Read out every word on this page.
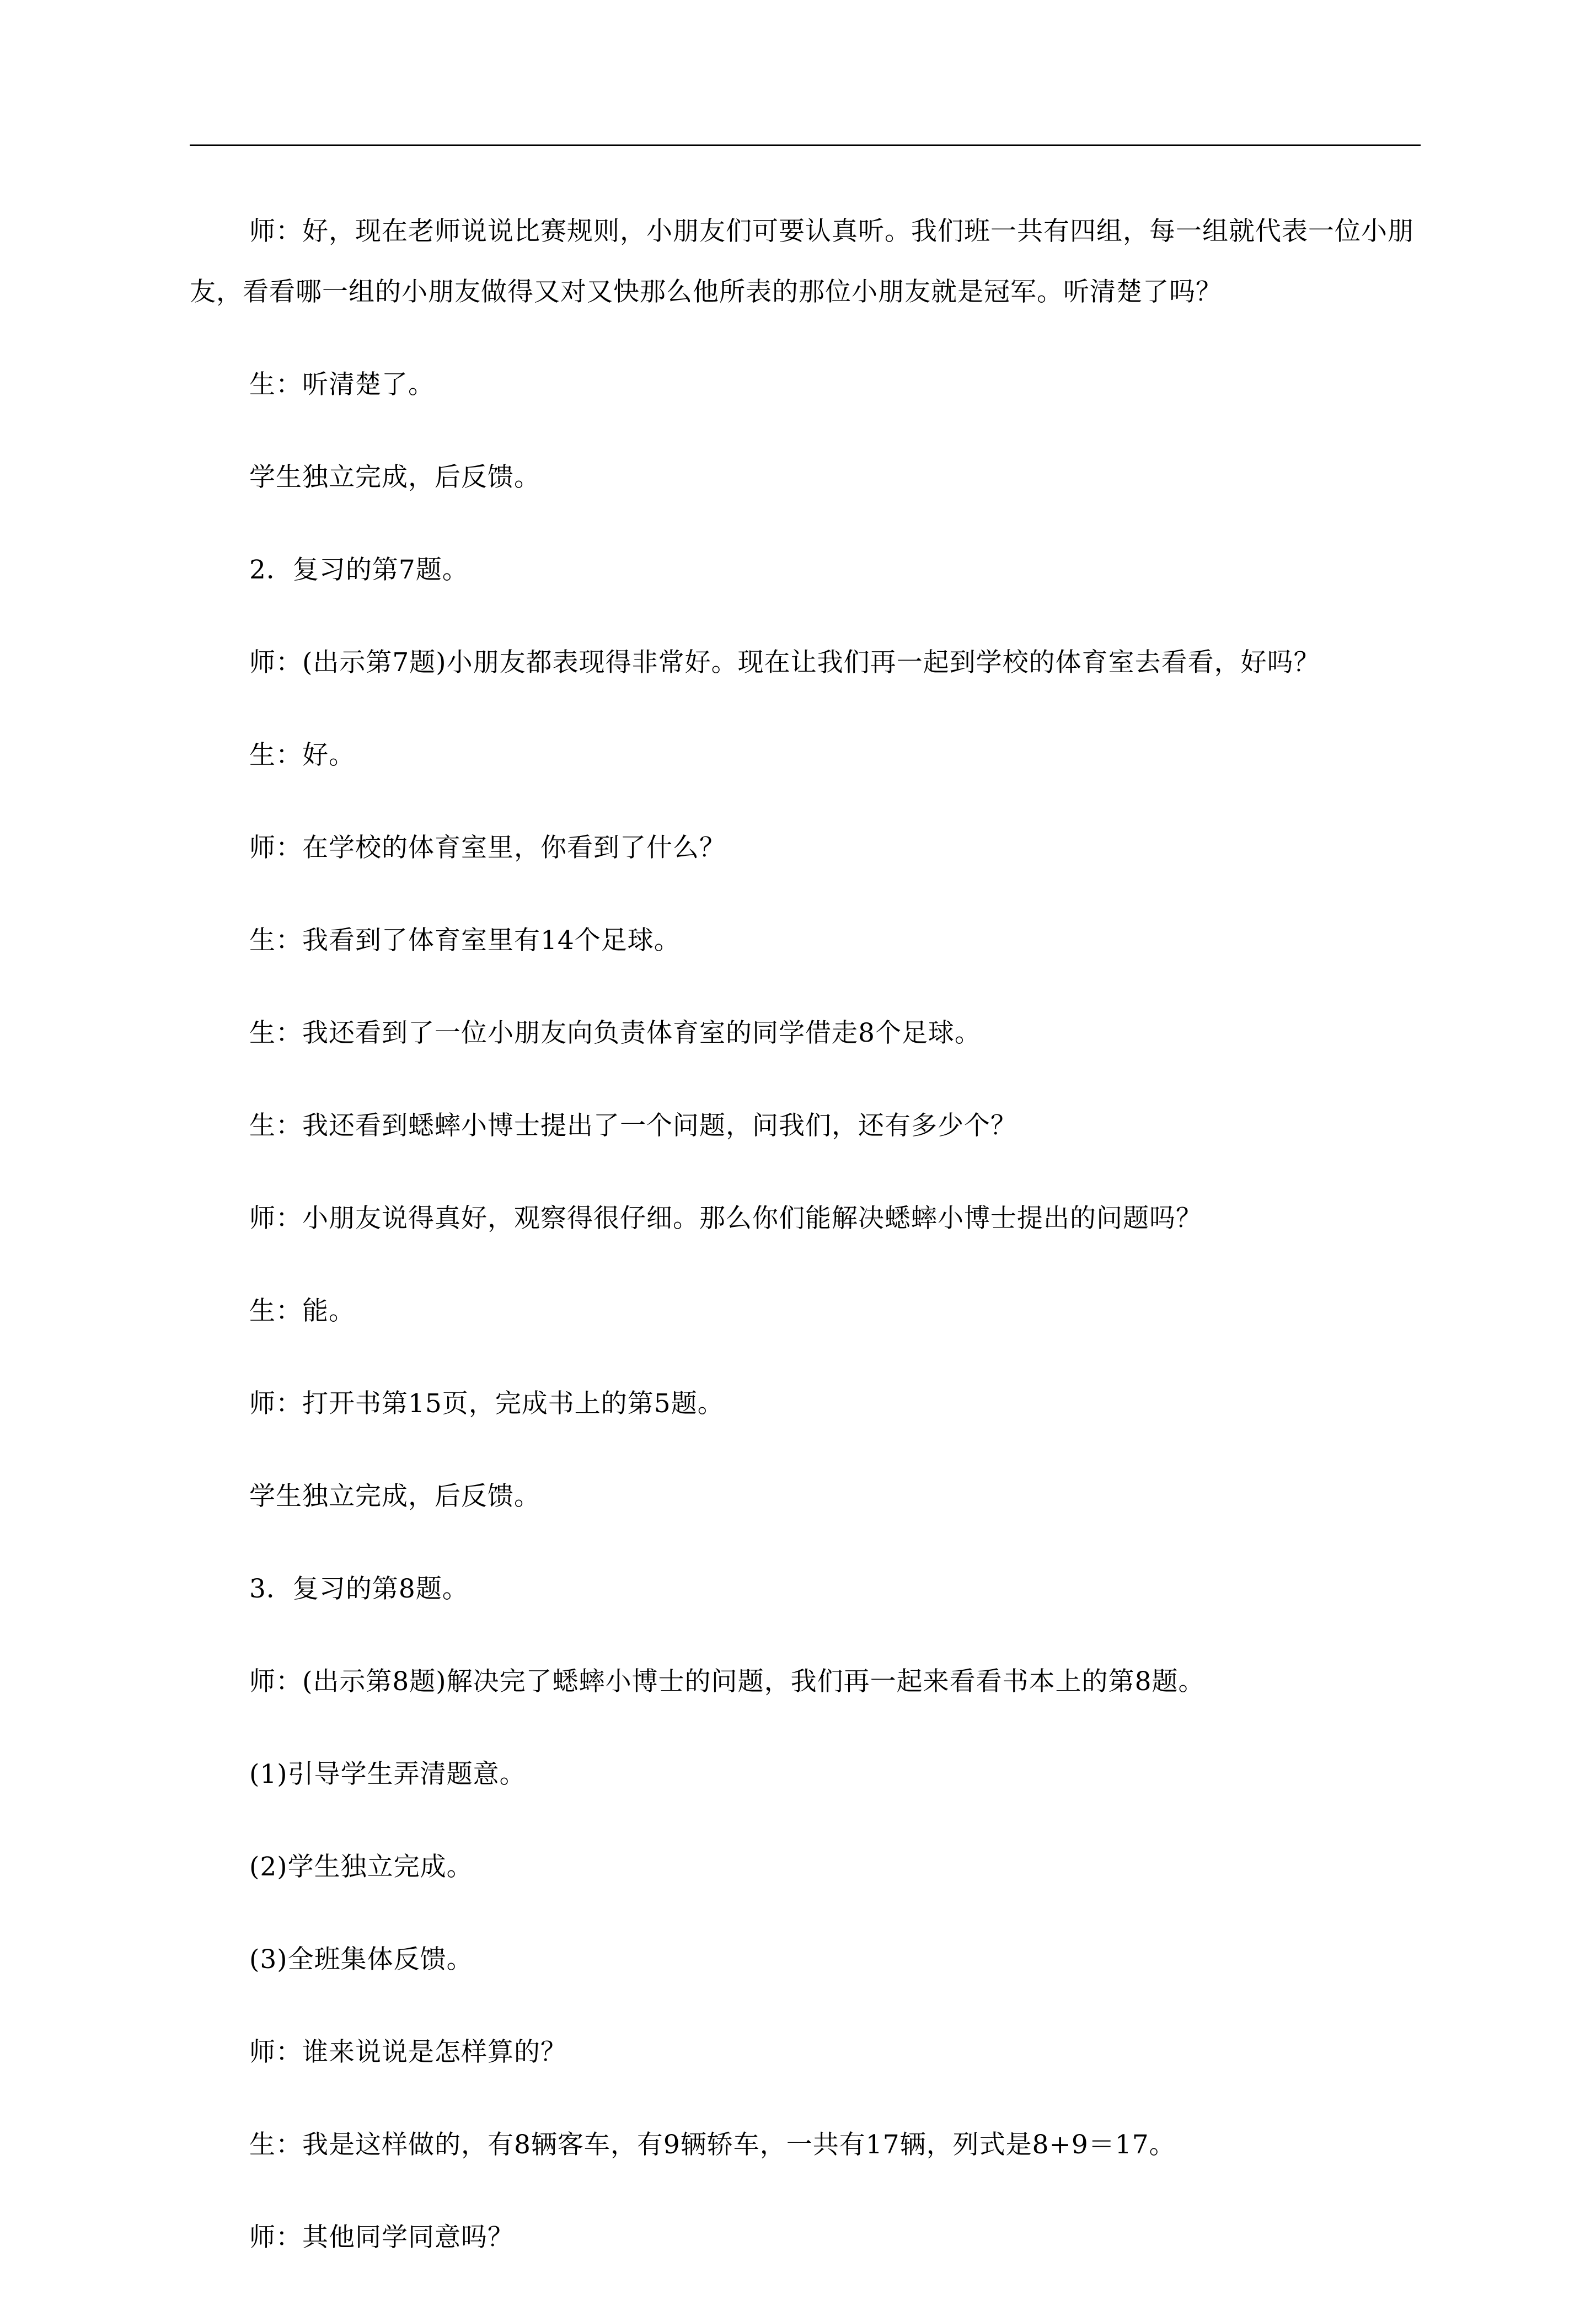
师：好，现在老师说说比赛规则，小朋友们可要认真听。我们班一共有四组，每一组就代表一位小朋友，看看哪一组的小朋友做得又对又快那么他所表的那位小朋友就是冠军。听清楚了吗？

生：听清楚了。

学生独立完成，后反馈。

2．复习的第7题。

师：(出示第7题)小朋友都表现得非常好。现在让我们再一起到学校的体育室去看看，好吗？

生：好。

师：在学校的体育室里，你看到了什么？

生：我看到了体育室里有14个足球。

生：我还看到了一位小朋友向负责体育室的同学借走8个足球。

生：我还看到蟋蟀小博士提出了一个问题，问我们，还有多少个？

师：小朋友说得真好，观察得很仔细。那么你们能解决蟋蟀小博士提出的问题吗？

生：能。

师：打开书第15页，完成书上的第5题。

学生独立完成，后反馈。

3．复习的第8题。

师：(出示第8题)解决完了蟋蟀小博士的问题，我们再一起来看看书本上的第8题。

(1)引导学生弄清题意。

(2)学生独立完成。

(3)全班集体反馈。

师：谁来说说是怎样算的？

生：我是这样做的，有8辆客车，有9辆轿车，一共有17辆，列式是8+9＝17。

师：其他同学同意吗？
